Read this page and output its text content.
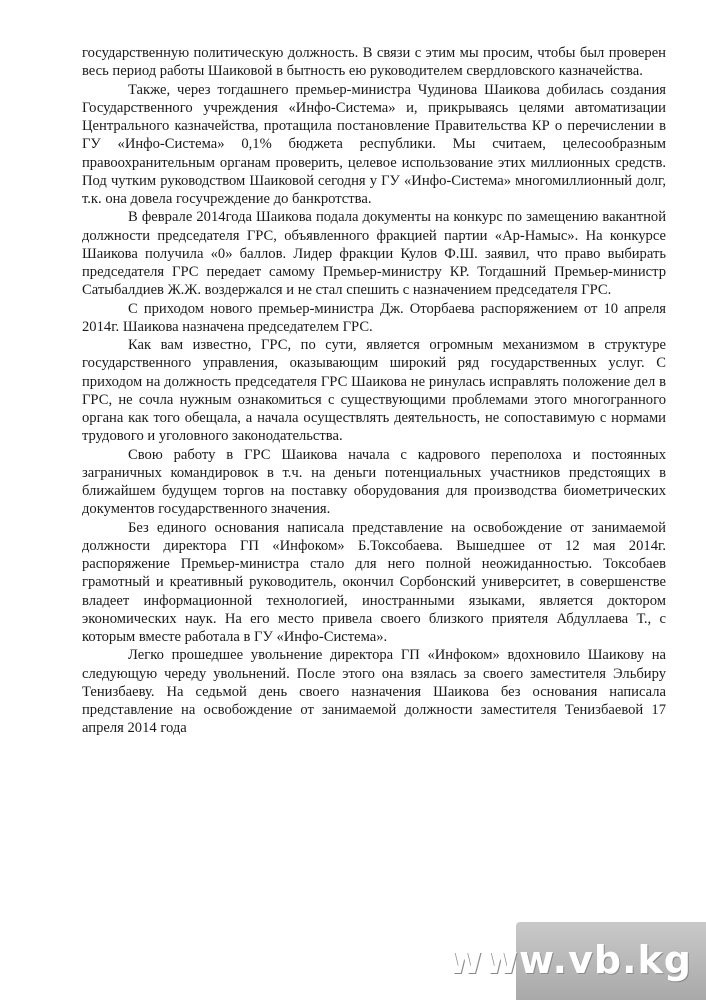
государственную политическую должность. В связи с этим мы просим, чтобы был проверен весь период работы Шаиковой в бытность ею руководителем свердловского казначейства.

Также, через тогдашнего премьер-министра Чудинова Шаикова добилась создания Государственного учреждения «Инфо-Система» и, прикрываясь целями автоматизации Центрального казначейства, протащила постановление Правительства КР о перечислении в ГУ «Инфо-Система» 0,1% бюджета республики. Мы считаем, целесообразным правоохранительным органам проверить, целевое использование этих миллионных средств. Под чутким руководством Шаиковой сегодня у ГУ «Инфо-Система» многомиллионный долг, т.к. она довела госучреждение до банкротства.

В феврале 2014года Шаикова подала документы на конкурс по замещению вакантной должности председателя ГРС, объявленного фракцией партии «Ар-Намыс». На конкурсе Шаикова получила «0» баллов. Лидер фракции Кулов Ф.Ш. заявил, что право выбирать председателя ГРС передает самому Премьер-министру КР. Тогдашний Премьер-министр Сатыбалдиев Ж.Ж. воздержался и не стал спешить с назначением председателя ГРС.

С приходом нового премьер-министра Дж. Оторбаева распоряжением от 10 апреля 2014г. Шаикова назначена председателем ГРС.

Как вам известно, ГРС, по сути, является огромным механизмом в структуре государственного управления, оказывающим широкий ряд государственных услуг. С приходом на должность председателя ГРС Шаикова не ринулась исправлять положение дел в ГРС, не сочла нужным ознакомиться с существующими проблемами этого многогранного органа как того обещала, а начала осуществлять деятельность, не сопоставимую с нормами трудового и уголовного законодательства.

Свою работу в ГРС Шаикова начала с кадрового переполоха и постоянных заграничных командировок в т.ч. на деньги потенциальных участников предстоящих в ближайшем будущем торгов на поставку оборудования для производства биометрических документов государственного значения.

Без единого основания написала представление на освобождение от занимаемой должности директора ГП «Инфоком» Б.Токсобаева. Вышедшее от 12 мая 2014г. распоряжение Премьер-министра стало для него полной неожиданностью. Токсобаев грамотный и креативный руководитель, окончил Сорбонский университет, в совершенстве владеет информационной технологией, иностранными языками, является доктором экономических наук. На его место привела своего близкого приятеля Абдуллаева Т., с которым вместе работала в ГУ «Инфо-Система».

Легко прошедшее увольнение директора ГП «Инфоком» вдохновило Шаикову на следующую череду увольнений. После этого она взялась за своего заместителя Эльбиру Тенизбаеву. На седьмой день своего назначения Шаикова без основания написала представление на освобождение от занимаемой должности заместителя Тенизбаевой 17 апреля 2014 года

www.vb.kg
